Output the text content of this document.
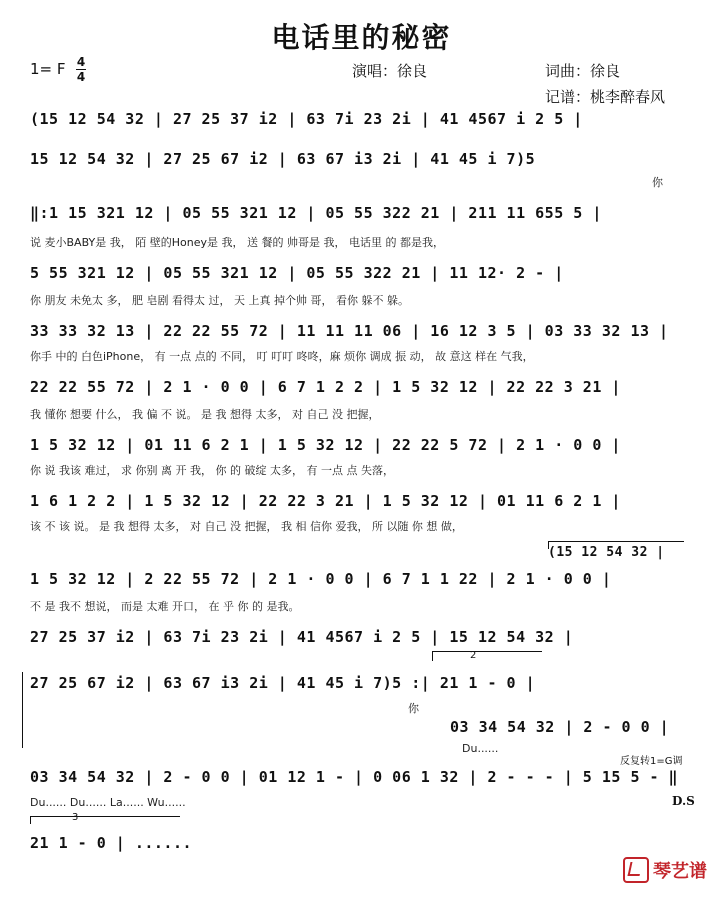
电话里的秘密
1= F 4
4	演唱：徐良	词曲：徐良
记谱：桃李醉春风
(15 12 54 32 | 27 25 37 i2 | 63 7i 23 2i | 41 4567 i 2 5 |
15 12 54 32 | 27 25 67 i2 | 63 67 i3 2i | 41 45 i 7)5
你
‖:1 15 321 12 | 05 55 321 12 | 05 55 322 21 | 211 11 655 5 |
说 麦小BABY是 我， 陌 壁的Honey是 我， 送 餐的 帅哥是 我， 电话里 的 都是我，
5 55 321 12 | 05 55 321 12 | 05 55 322 21 | 11 12· 2 - |
你 朋友 未免太 多， 肥 皂剧 看得太 过， 天 上真 掉个帅 哥， 看你 躲不 躲。
33 33 32 13 | 22 22 55 72 | 11 11 11 06 | 16 12 3 5 | 03 33 32 13 |
你手 中的 白色iPhone， 有 一点 点的 不同， 叮 叮叮 咚咚，麻 烦你 调成 振 动， 故 意这 样在 气我，
22 22 55 72 | 2 1 · 0 0 | 6 7 1 2 2 | 1 5 32 12 | 22 22 3 21 |
我 懂你 想要 什么， 我 偏 不 说。 是 我 想得 太多， 对 自己 没 把握，
1 5 32 12 | 01 11 6 2 1 | 1 5 32 12 | 22 22 5 72 | 2 1 · 0 0 |
你 说 我该 难过， 求 你别 离 开 我， 你 的 破绽 太多， 有 一点 点 失落，
1 6 1 2 2 | 1 5 32 12 | 22 22 3 21 | 1 5 32 12 | 01 11 6 2 1 |
该 不 该 说。 是 我 想得 太多， 对 自己 没 把握， 我 相 信你 爱我， 所 以随 你 想 做，
(15 12 54 32 |
1 5 32 12 | 2 22 55 72 | 2 1 · 0 0 | 6 7 1 1 22 | 2 1 · 0 0 |
不 是 我不 想说， 而是 太难 开口， 在 乎 你 的 是我。
27 25 37 i2 | 63 7i 23 2i | 41 4567 i 2 5 | 15 12 54 32 |
2
27 25 67 i2 | 63 67 i3 2i | 41 45 i 7)5 :| 21 1 - 0 |
你
03 34 54 32 | 2 - 0 0 |
Du......
反复转1=G调
03 34 54 32 | 2 - 0 0 | 01 12 1 - | 0 06 1 32 | 2 - - - | 5 15 5 - ‖
Du...... Du...... La...... Wu......	D.S
3
21 1 - 0 | ......
琴艺谱
